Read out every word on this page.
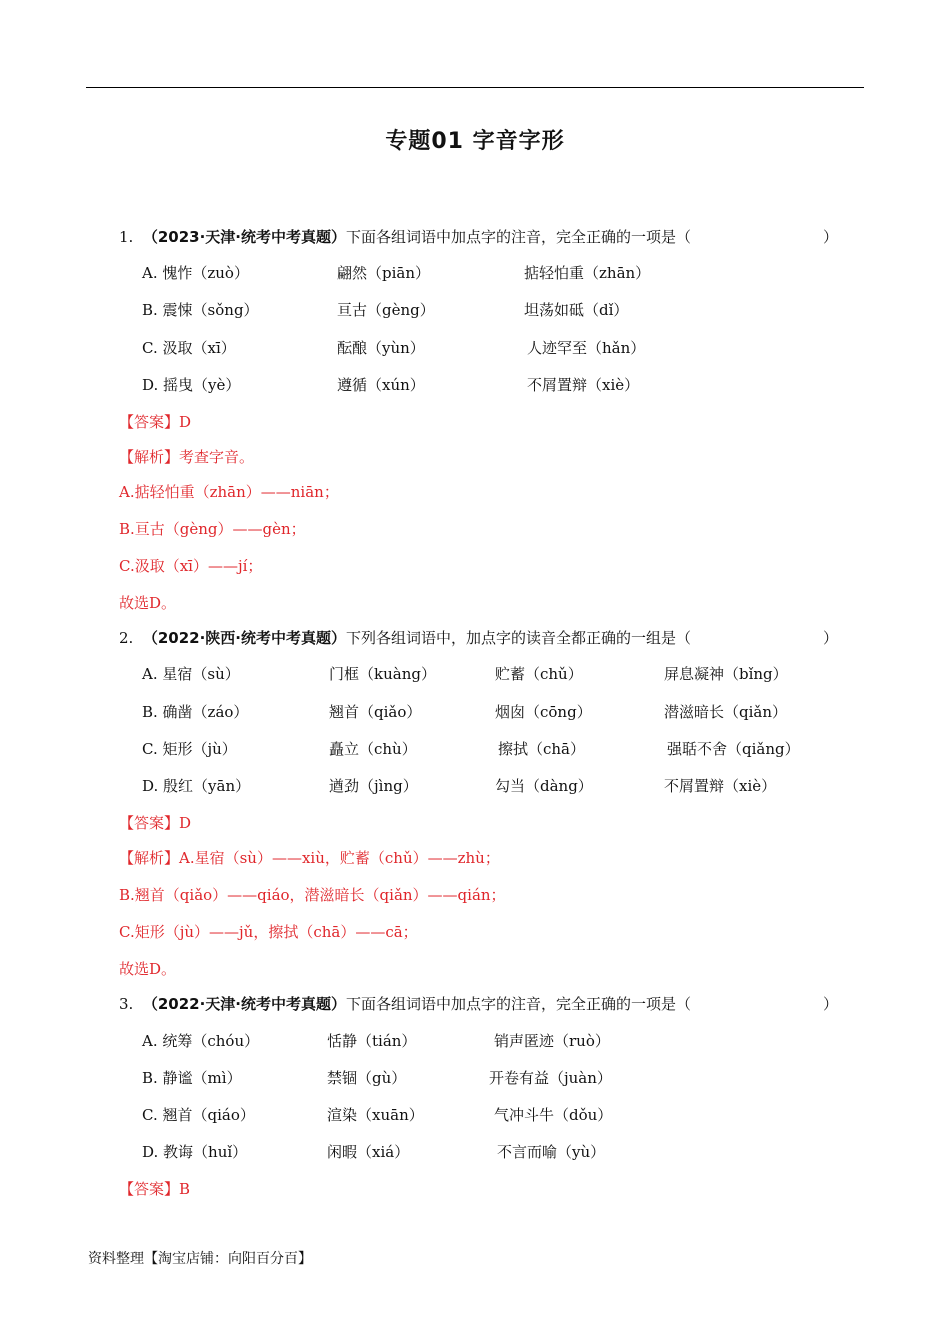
专题01 字音字形
1. （2023·天津·统考中考真题）下面各组词语中加点字的注音，完全正确的一项是（	）
A. 愧怍（zuò）	翩然（piān）	掂轻怕重（zhān）
B. 震悚（sǒng）	亘古（gèng）	坦荡如砥（dǐ）
C. 汲取（xī）	酝酿（yùn）	人迹罕至（hǎn）
D. 摇曳（yè）	遵循（xún）	不屑置辩（xiè）
【答案】D
【解析】考查字音。
A.掂轻怕重（zhān）——niān；
B.亘古（gèng）——gèn；
C.汲取（xī）——jí；
故选D。
2. （2022·陕西·统考中考真题）下列各组词语中，加点字的读音全都正确的一组是（	）
A. 星宿（sù）	门框（kuàng）	贮蓄（chǔ）	屏息凝神（bǐng）
B. 确凿（záo）	翘首（qiǎo）	烟囱（cōng）	潜滋暗长（qiǎn）
C. 矩形（jù）	矗立（chù）	擦拭（chā）	强聒不舍（qiǎng）
D. 殷红（yān）	遒劲（jìng）	勾当（dàng）	不屑置辩（xiè）
【答案】D
【解析】A.星宿（sù）——xiù，贮蓄（chǔ）——zhù；
B.翘首（qiǎo）——qiáo，潜滋暗长（qiǎn）——qián；
C.矩形（jù）——jǔ，擦拭（chā）——cā；
故选D。
3. （2022·天津·统考中考真题）下面各组词语中加点字的注音，完全正确的一项是（	）
A. 统筹（chóu）	恬静（tián）	销声匿迹（ruò）
B. 静谧（mì）	禁锢（gù）	开卷有益（juàn）
C. 翘首（qiáo）	渲染（xuān）	气冲斗牛（dǒu）
D. 教诲（huǐ）	闲暇（xiá）	不言而喻（yù）
【答案】B
资料整理【淘宝店铺：向阳百分百】
